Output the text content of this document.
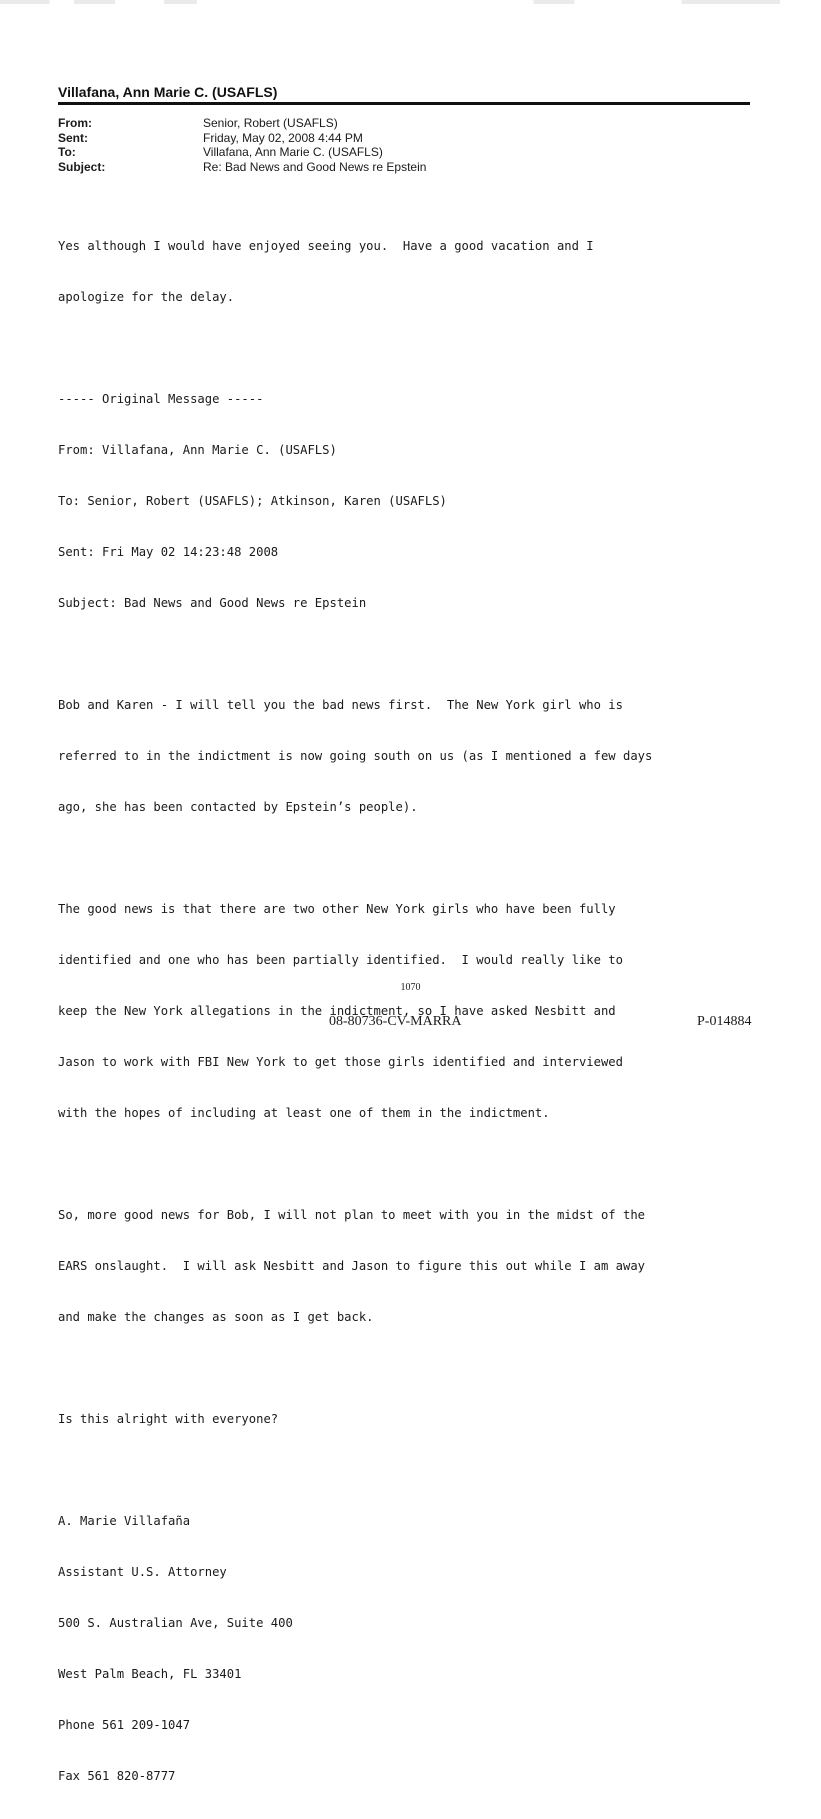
Villafana, Ann Marie C. (USAFLS)
From:	Senior, Robert (USAFLS)
Sent:	Friday, May 02, 2008 4:44 PM
To:	Villafana, Ann Marie C. (USAFLS)
Subject:	Re: Bad News and Good News re Epstein

Yes although I would have enjoyed seeing you.  Have a good vacation and I

apologize for the delay.

----- Original Message -----

From: Villafana, Ann Marie C. (USAFLS)

To: Senior, Robert (USAFLS); Atkinson, Karen (USAFLS)

Sent: Fri May 02 14:23:48 2008

Subject: Bad News and Good News re Epstein

Bob and Karen - I will tell you the bad news first.  The New York girl who is

referred to in the indictment is now going south on us (as I mentioned a few days

ago, she has been contacted by Epstein’s people).

The good news is that there are two other New York girls who have been fully

identified and one who has been partially identified.  I would really like to

keep the New York allegations in the indictment, so I have asked Nesbitt and

Jason to work with FBI New York to get those girls identified and interviewed

with the hopes of including at least one of them in the indictment.

So, more good news for Bob, I will not plan to meet with you in the midst of the

EARS onslaught.  I will ask Nesbitt and Jason to figure this out while I am away

and make the changes as soon as I get back.

Is this alright with everyone?

A. Marie Villafaña

Assistant U.S. Attorney

500 S. Australian Ave, Suite 400

West Palm Beach, FL 33401

Phone 561 209-1047

Fax 561 820-8777

1070
08-80736-CV-MARRA	P-014884
